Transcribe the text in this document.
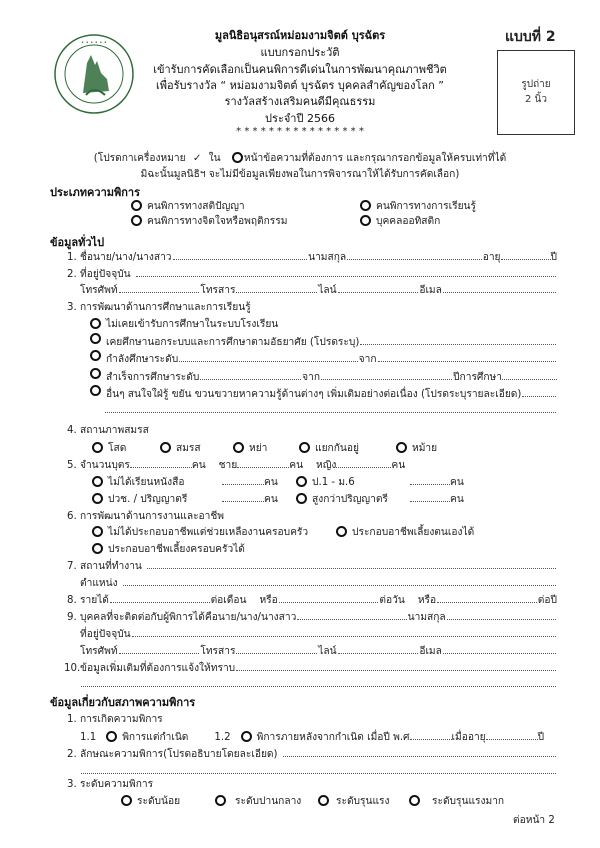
• • • • • •
มูลนิธิอนุสรณ์หม่อมงามจิตต์ บุรฉัตร
แบบกรอกประวัติ
เข้ารับการคัดเลือกเป็นคนพิการดีเด่นในการพัฒนาคุณภาพชีวิต
เพื่อรับรางวัล “ หม่อมงามจิตต์ บุรฉัตร บุคคลสำคัญของโลก ”
รางวัลสร้างเสริมคนดีมีคุณธรรม
ประจำปี 2566
* * * * * * * * * * * * * * * *
แบบที่ 2
รูปถ่าย
2 นิ้ว
(โปรดกาเครื่องหมาย ✓ ใน หน้าข้อความที่ต้องการ และกรุณากรอกข้อมูลให้ครบเท่าที่ได้
มิฉะนั้นมูลนิธิฯ จะไม่มีข้อมูลเพียงพอในการพิจารณาให้ได้รับการคัดเลือก)
ประเภทความพิการ
คนพิการทางสติปัญญา	คนพิการทางการเรียนรู้
คนพิการทางจิตใจหรือพฤติกรรม	บุคคลออทิสติก
ข้อมูลทั่วไป
1. ชื่อนาย/นาง/นางสาว	นามสกุล	อายุ	ปี
2. ที่อยู่ปัจจุบัน
โทรศัพท์	โทรสาร	ไลน์	อีเมล
3. การพัฒนาด้านการศึกษาและการเรียนรู้
ไม่เคยเข้ารับการศึกษาในระบบโรงเรียน
เคยศึกษานอกระบบและการศึกษาตามอัธยาศัย (โปรดระบุ)
กำลังศึกษาระดับ	จาก
สำเร็จการศึกษาระดับ	จาก	ปีการศึกษา
อื่นๆ สนใจใฝ่รู้ ขยัน ขวนขวายหาความรู้ด้านต่างๆ เพิ่มเติมอย่างต่อเนื่อง (โปรดระบุรายละเอียด)
4. สถานภาพสมรส
โสด	สมรส	หย่า	แยกกันอยู่	หม้าย
5. จำนวนบุตร	คน ชาย	คน หญิง	คน
ไม่ได้เรียนหนังสือ	คน	ป.1 - ม.6	คน
ปวช. / ปริญญาตรี	คน	สูงกว่าปริญญาตรี	คน
6. การพัฒนาด้านการงานและอาชีพ
ไม่ได้ประกอบอาชีพแต่ช่วยเหลืองานครอบครัว	ประกอบอาชีพเลี้ยงตนเองได้
ประกอบอาชีพเลี้ยงครอบครัวได้
7. สถานที่ทำงาน
ตำแหน่ง
8. รายได้	ต่อเดือน
หรือ	ต่อวัน
หรือ	ต่อปี
9. บุคคลที่จะติดต่อกับผู้พิการได้คือนาย/นาง/นางสาว	นามสกุล
ที่อยู่ปัจจุบัน
โทรศัพท์	โทรสาร	ไลน์	อีเมล
10. ข้อมูลเพิ่มเติมที่ต้องการแจ้งให้ทราบ
ข้อมูลเกี่ยวกับสภาพความพิการ
1. การเกิดความพิการ
1.1	พิการแต่กำเนิด	1.2	พิการภายหลังจากกำเนิด เมื่อปี พ.ศ	เมื่ออายุ	ปี
2. ลักษณะความพิการ(โปรดอธิบายโดยละเอียด)
3. ระดับความพิการ
ระดับน้อย	ระดับปานกลาง	ระดับรุนแรง	ระดับรุนแรงมาก
ต่อหน้า 2
